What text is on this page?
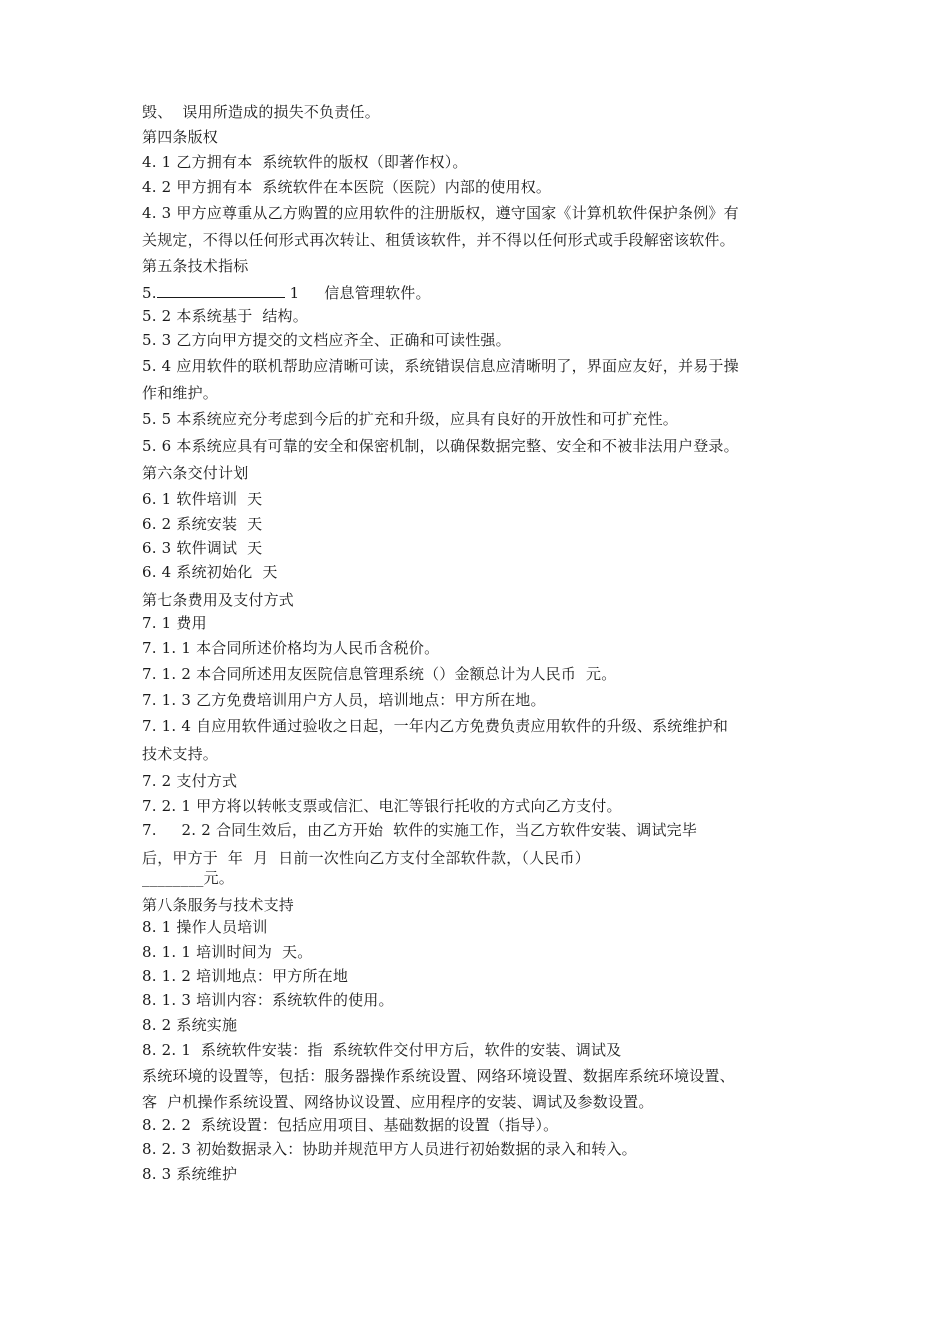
毁、  误用所造成的损失不负责任。
第四条版权
4. 1 乙方拥有本  系统软件的版权（即著作权）。
4. 2 甲方拥有本  系统软件在本医院（医院）内部的使用权。
4. 3 甲方应尊重从乙方购置的应用软件的注册版权，遵守国家《计算机软件保护条例》有
关规定，不得以任何形式再次转让、租赁该软件，并不得以任何形式或手段解密该软件。
第五条技术指标
5.	1     信息管理软件。
5. 2 本系统基于  结构。
5. 3 乙方向甲方提交的文档应齐全、正确和可读性强。
5. 4 应用软件的联机帮助应清晰可读，系统错误信息应清晰明了，界面应友好，并易于操
作和维护。
5. 5 本系统应充分考虑到今后的扩充和升级，应具有良好的开放性和可扩充性。
5. 6 本系统应具有可靠的安全和保密机制，以确保数据完整、安全和不被非法用户登录。
第六条交付计划
6. 1 软件培训  天
6. 2 系统安装  天
6. 3 软件调试  天
6. 4 系统初始化  天
第七条费用及支付方式
7. 1 费用
7. 1. 1 本合同所述价格均为人民币含税价。
7. 1. 2 本合同所述用友医院信息管理系统（）金额总计为人民币  元。
7. 1. 3 乙方免费培训用户方人员，培训地点：甲方所在地。
7. 1. 4 自应用软件通过验收之日起，一年内乙方免费负责应用软件的升级、系统维护和
技术支持。
7. 2 支付方式
7. 2. 1 甲方将以转帐支票或信汇、电汇等银行托收的方式向乙方支付。
7.     2. 2 合同生效后，由乙方开始  软件的实施工作，当乙方软件安装、调试完毕
后，甲方于  年  月  日前一次性向乙方支付全部软件款，（人民币）
________元。
第八条服务与技术支持
8. 1 操作人员培训
8. 1. 1 培训时间为  天。
8. 1. 2 培训地点：甲方所在地
8. 1. 3 培训内容：系统软件的使用。
8. 2 系统实施
8. 2. 1  系统软件安装：指  系统软件交付甲方后，软件的安装、调试及
系统环境的设置等，包括：服务器操作系统设置、网络环境设置、数据库系统环境设置、
客  户机操作系统设置、网络协议设置、应用程序的安装、调试及参数设置。
8. 2. 2  系统设置：包括应用项目、基础数据的设置（指导）。
8. 2. 3 初始数据录入：协助并规范甲方人员进行初始数据的录入和转入。
8. 3 系统维护
